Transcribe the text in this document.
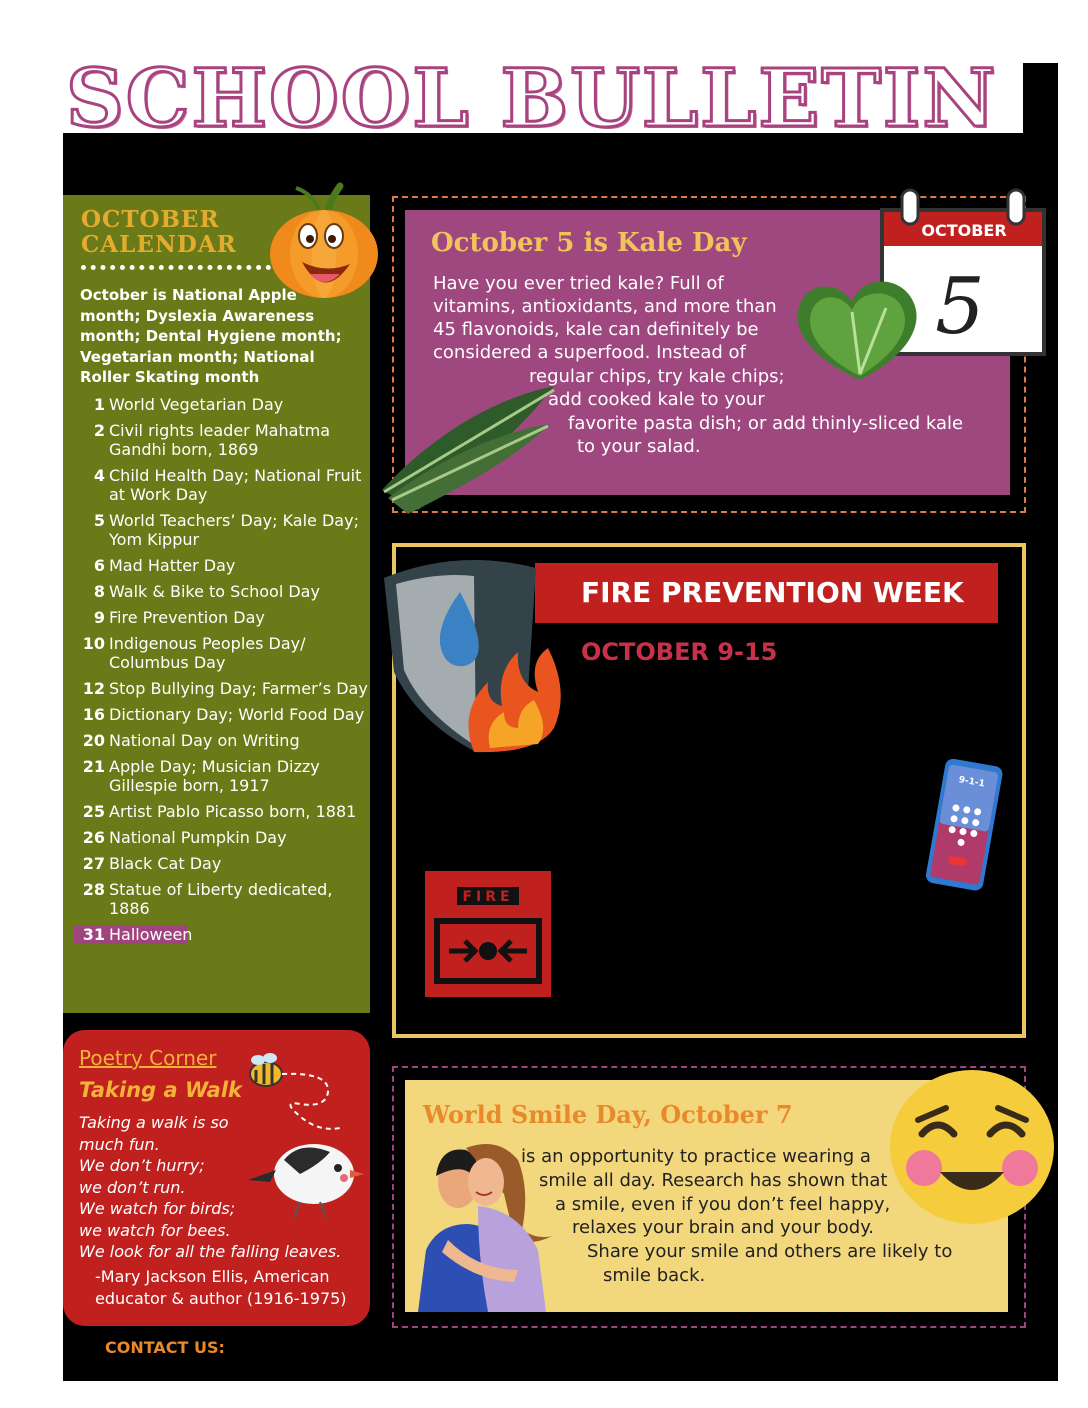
SCHOOL BULLETIN
OCTOBER
CALENDAR
October is National Apple month; Dyslexia Awareness month; Dental Hygiene month; Vegetarian month; National Roller Skating month
1 World Vegetarian Day
2 Civil rights leader Mahatma Gandhi born, 1869
4 Child Health Day; National Fruit at Work Day
5 World Teachers’ Day; Kale Day; Yom Kippur
6 Mad Hatter Day
8 Walk & Bike to School Day
9 Fire Prevention Day
10 Indigenous Peoples Day/ Columbus Day
12 Stop Bullying Day; Farmer’s Day
16 Dictionary Day; World Food Day
20 National Day on Writing
21 Apple Day; Musician Dizzy Gillespie born, 1917
25 Artist Pablo Picasso born, 1881
26 National Pumpkin Day
27 Black Cat Day
28 Statue of Liberty dedicated, 1886
31 Halloween
Poetry Corner
Taking a Walk
Taking a walk is so
much fun.
We don’t hurry;
we don’t run.
We watch for birds;
we watch for bees.
We look for all the falling leaves.
-Mary Jackson Ellis, American
educator & author (1916-1975)
CONTACT US:
October 5 is Kale Day
Have you ever tried kale? Full of
vitamins, antioxidants, and more than
45 flavonoids, kale can definitely be
considered a superfood. Instead of
regular chips, try kale chips;
add cooked kale to your
favorite pasta dish; or add thinly-sliced kale
to your salad.
OCTOBER
5
FIRE PREVENTION WEEK
OCTOBER 9-15
FIRE
9-1-1
World Smile Day, October 7
is an opportunity to practice wearing a
smile all day. Research has shown that
a smile, even if you don’t feel happy,
relaxes your brain and your body.
Share your smile and others are likely to
smile back.
